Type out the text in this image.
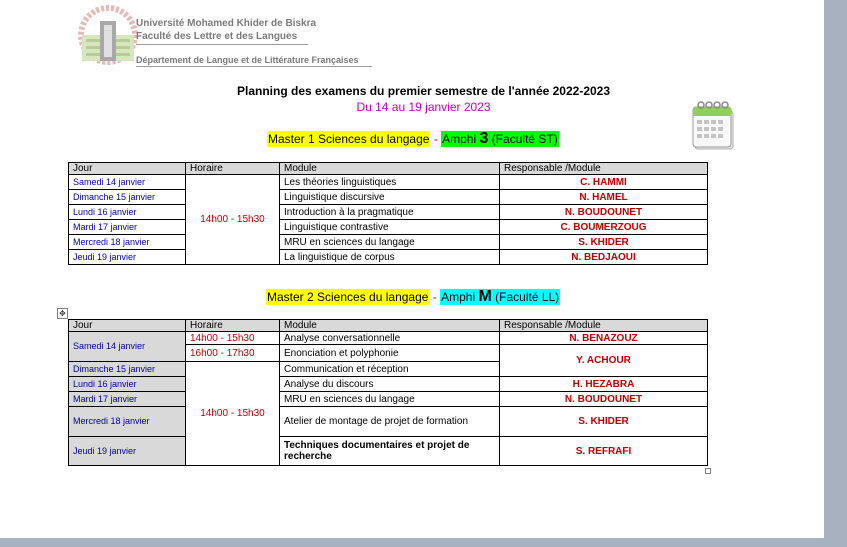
Université Mohamed Khider de Biskra
Faculté des Lettre et des Langues
Département de Langue et de Littérature Françaises
Planning des examens du premier semestre de l'année 2022-2023
Du 14 au 19 janvier 2023
Master 1 Sciences du langage - Amphi 3 (Faculté ST)
Jour	Horaire	Module	Responsable /Module
Samedi 14 janvier	14h00 - 15h30	Les théories linguistiques	C. HAMMI
Dimanche 15 janvier		Linguistique discursive	N. HAMEL
Lundi 16 janvier		Introduction à la pragmatique	N. BOUDOUNET
Mardi 17 janvier		Linguistique contrastive	C. BOUMERZOUG
Mercredi 18 janvier		MRU en sciences du langage	S. KHIDER
Jeudi 19 janvier		La linguistique de corpus	N. BEDJAOUI
Master 2 Sciences du langage - Amphi M (Faculté LL)
✥
Jour	Horaire	Module	Responsable /Module
Samedi 14 janvier	14h00 - 15h30	Analyse conversationnelle	N. BENAZOUZ
	16h00 - 17h30	Enonciation et polyphonie	Y. ACHOUR
Dimanche 15 janvier	14h00 - 15h30	Communication et réception	
Lundi 16 janvier		Analyse du discours	H. HEZABRA
Mardi 17 janvier		MRU en sciences du langage	N. BOUDOUNET
Mercredi 18 janvier		Atelier de montage de projet de formation	S. KHIDER
Jeudi 19 janvier		Techniques documentaires et projet de recherche	S. REFRAFI
